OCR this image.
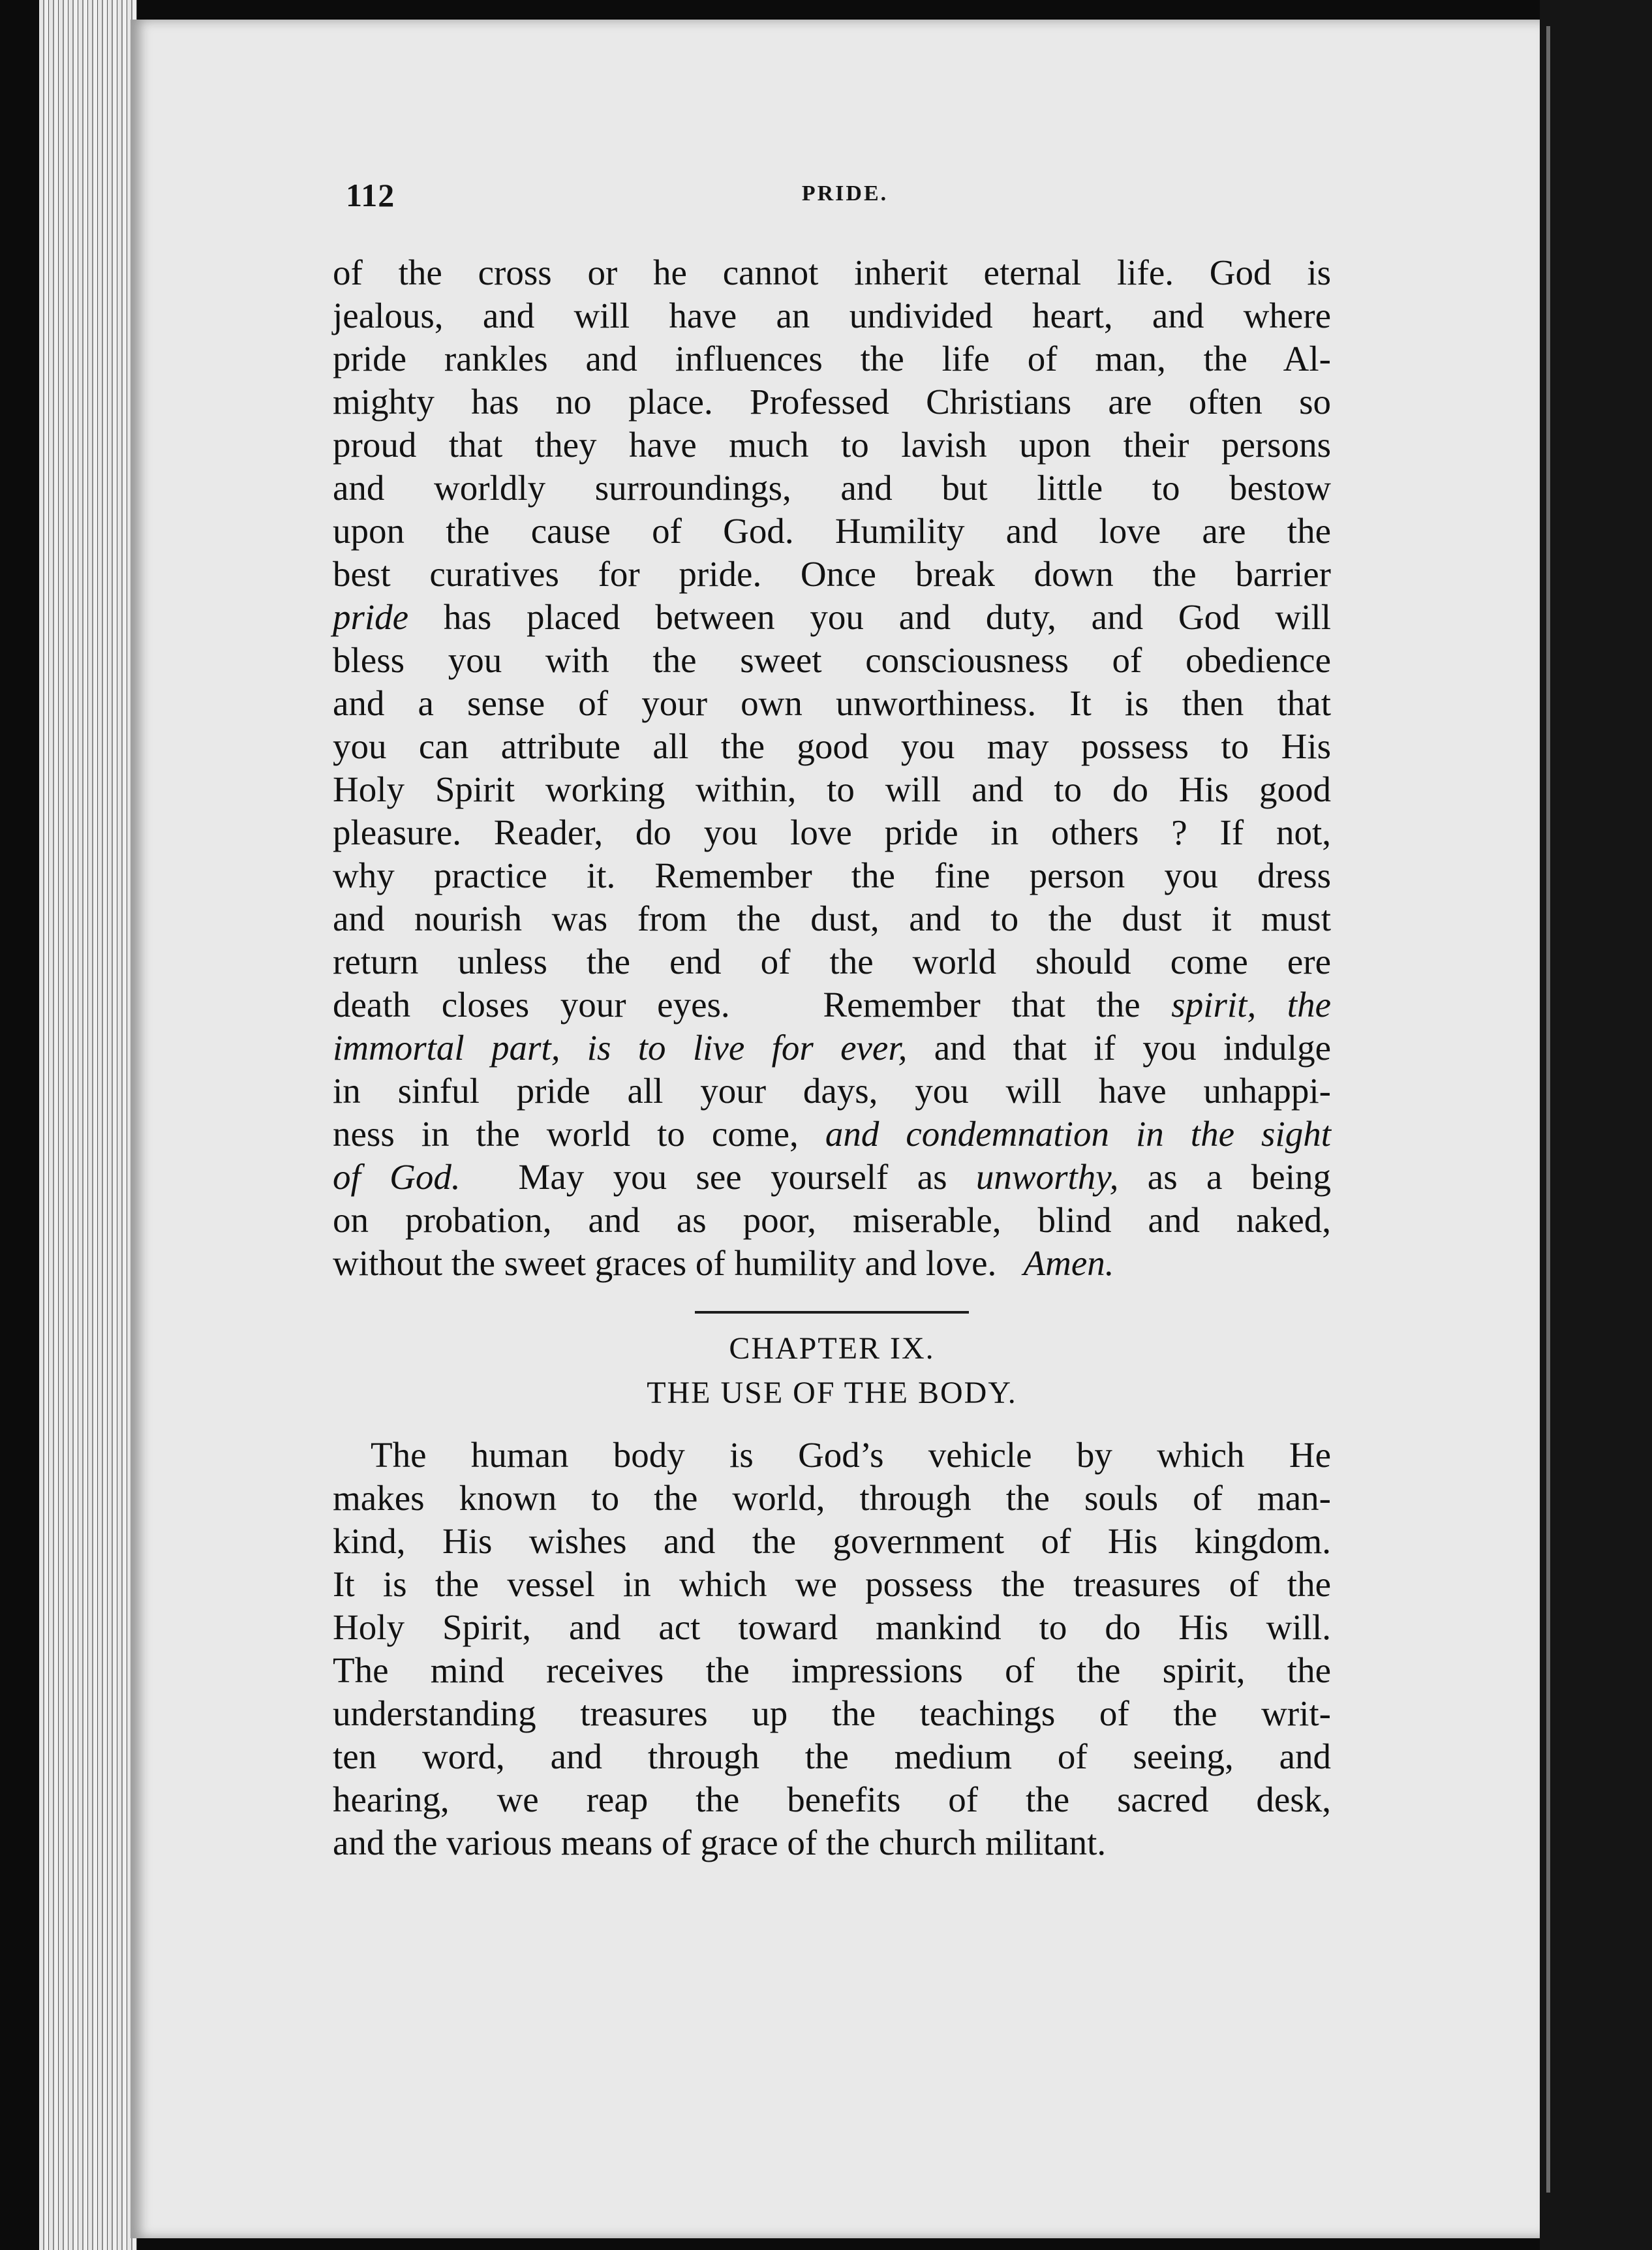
112	PRIDE.
of the cross or he cannot inherit eternal life. God is
jealous, and will have an undivided heart, and where
pride rankles and influences the life of man, the Al-
mighty has no place. Professed Christians are often so
proud that they have much to lavish upon their persons
and worldly surroundings, and but little to bestow
upon the cause of God. Humility and love are the
best curatives for pride. Once break down the barrier
pride has placed between you and duty, and God will
bless you with the sweet consciousness of obedience
and a sense of your own unworthiness. It is then that
you can attribute all the good you may possess to His
Holy Spirit working within, to will and to do His good
pleasure. Reader, do you love pride in others ? If not,
why practice it. Remember the fine person you dress
and nourish was from the dust, and to the dust it must
return unless the end of the world should come ere
death closes your eyes.   Remember that the spirit, the
immortal part, is to live for ever, and that if you indulge
in sinful pride all your days, you will have unhappi-
ness in the world to come, and condemnation in the sight
of God.  May you see yourself as unworthy, as a being
on probation, and as poor, miserable, blind and naked,
without the sweet graces of humility and love.   Amen.
CHAPTER IX.
THE USE OF THE BODY.
The human body is God’s vehicle by which He
makes known to the world, through the souls of man-
kind, His wishes and the government of His kingdom.
It is the vessel in which we possess the treasures of the
Holy Spirit, and act toward mankind to do His will.
The mind receives the impressions of the spirit, the
understanding treasures up the teachings of the writ-
ten word, and through the medium of seeing, and
hearing, we reap the benefits of the sacred desk,
and the various means of grace of the church militant.
